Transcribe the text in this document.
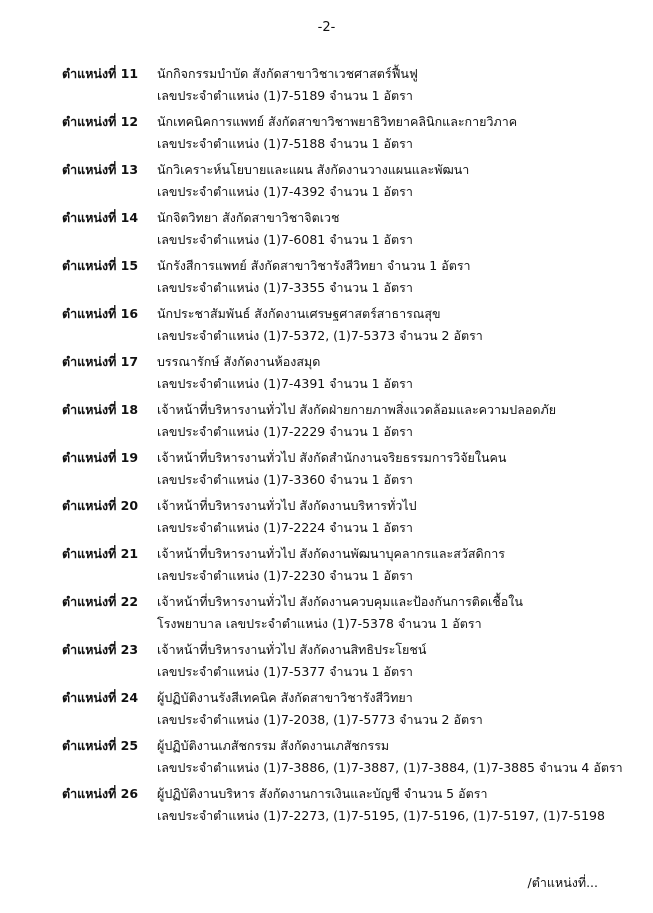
-2-
ตำแหน่งที่ 11	นักกิจกรรมบำบัด สังกัดสาขาวิชาเวชศาสตร์ฟื้นฟู
เลขประจำตำแหน่ง (1)7-5189 จำนวน 1 อัตรา
ตำแหน่งที่ 12	นักเทคนิคการแพทย์ สังกัดสาขาวิชาพยาธิวิทยาคลินิกและกายวิภาค
เลขประจำตำแหน่ง (1)7-5188 จำนวน 1 อัตรา
ตำแหน่งที่ 13	นักวิเคราะห์นโยบายและแผน สังกัดงานวางแผนและพัฒนา
เลขประจำตำแหน่ง (1)7-4392 จำนวน 1 อัตรา
ตำแหน่งที่ 14	นักจิตวิทยา สังกัดสาขาวิชาจิตเวช
เลขประจำตำแหน่ง (1)7-6081 จำนวน 1 อัตรา
ตำแหน่งที่ 15	นักรังสีการแพทย์ สังกัดสาขาวิชารังสีวิทยา จำนวน 1 อัตรา
เลขประจำตำแหน่ง (1)7-3355 จำนวน 1 อัตรา
ตำแหน่งที่ 16	นักประชาสัมพันธ์ สังกัดงานเศรษฐศาสตร์สาธารณสุข
เลขประจำตำแหน่ง (1)7-5372, (1)7-5373 จำนวน 2 อัตรา
ตำแหน่งที่ 17	บรรณารักษ์ สังกัดงานห้องสมุด
เลขประจำตำแหน่ง (1)7-4391 จำนวน 1 อัตรา
ตำแหน่งที่ 18	เจ้าหน้าที่บริหารงานทั่วไป สังกัดฝ่ายกายภาพสิ่งแวดล้อมและความปลอดภัย
เลขประจำตำแหน่ง (1)7-2229 จำนวน 1 อัตรา
ตำแหน่งที่ 19	เจ้าหน้าที่บริหารงานทั่วไป สังกัดสำนักงานจริยธรรมการวิจัยในคน
เลขประจำตำแหน่ง (1)7-3360 จำนวน 1 อัตรา
ตำแหน่งที่ 20	เจ้าหน้าที่บริหารงานทั่วไป สังกัดงานบริหารทั่วไป
เลขประจำตำแหน่ง (1)7-2224 จำนวน 1 อัตรา
ตำแหน่งที่ 21	เจ้าหน้าที่บริหารงานทั่วไป สังกัดงานพัฒนาบุคลากรและสวัสดิการ
เลขประจำตำแหน่ง (1)7-2230 จำนวน 1 อัตรา
ตำแหน่งที่ 22	เจ้าหน้าที่บริหารงานทั่วไป สังกัดงานควบคุมและป้องกันการติดเชื้อใน
โรงพยาบาล เลขประจำตำแหน่ง (1)7-5378 จำนวน 1 อัตรา
ตำแหน่งที่ 23	เจ้าหน้าที่บริหารงานทั่วไป สังกัดงานสิทธิประโยชน์
เลขประจำตำแหน่ง (1)7-5377 จำนวน 1 อัตรา
ตำแหน่งที่ 24	ผู้ปฏิบัติงานรังสีเทคนิค สังกัดสาขาวิชารังสีวิทยา
เลขประจำตำแหน่ง (1)7-2038, (1)7-5773 จำนวน 2 อัตรา
ตำแหน่งที่ 25	ผู้ปฏิบัติงานเภสัชกรรม สังกัดงานเภสัชกรรม
เลขประจำตำแหน่ง (1)7-3886, (1)7-3887, (1)7-3884, (1)7-3885 จำนวน 4 อัตรา
ตำแหน่งที่ 26	ผู้ปฏิบัติงานบริหาร สังกัดงานการเงินและบัญชี จำนวน 5 อัตรา
เลขประจำตำแหน่ง (1)7-2273, (1)7-5195, (1)7-5196, (1)7-5197, (1)7-5198
/ตำแหน่งที่...
